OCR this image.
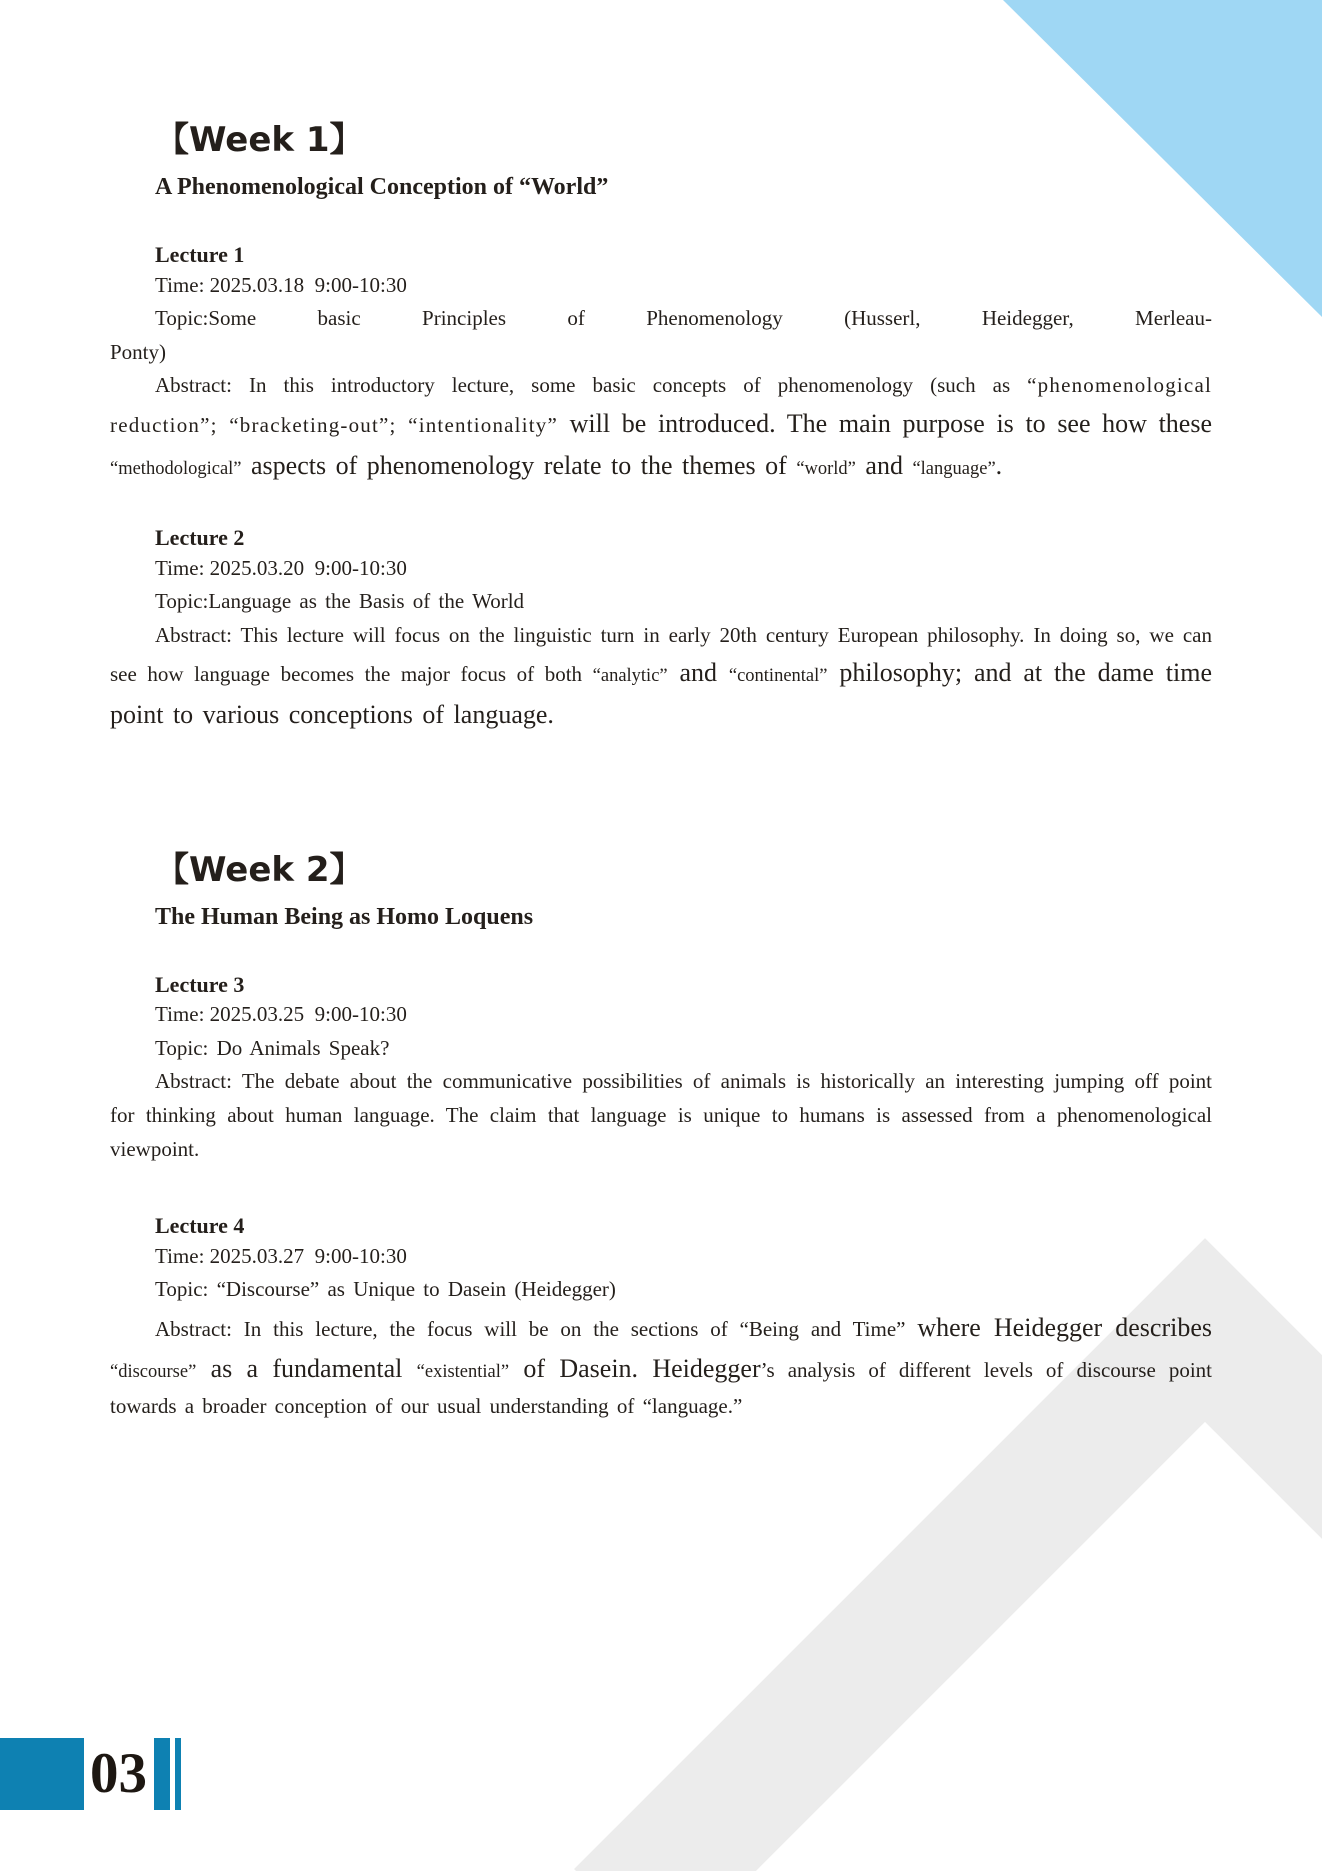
【Week 1】
A Phenomenological Conception of “World”
Lecture 1

Time: 2025.03.18  9:00-10:30

Topic:Some basic Principles of Phenomenology (Husserl, Heidegger, Merleau-
Ponty)

Abstract: In this introductory lecture, some basic concepts of phenomenology (such as “phenomenological reduction”; “bracketing-out”; “intentionality” will be introduced. The main purpose is to see how these “methodological” aspects of phenomenology relate to the themes of “world” and “language”.

Lecture 2

Time: 2025.03.20  9:00-10:30

Topic:Language as the Basis of the World

Abstract: This lecture will focus on the linguistic turn in early 20th century European philosophy. In doing so, we can see how language becomes the major focus of both “analytic” and “continental” philosophy; and at the dame time point to various conceptions of language.

【Week 2】
The Human Being as Homo Loquens
Lecture 3

Time: 2025.03.25  9:00-10:30

Topic: Do Animals Speak?

Abstract: The debate about the communicative possibilities of animals is historically an interesting jumping off point for thinking about human language. The claim that language is unique to humans is assessed from a phenomenological viewpoint.

Lecture 4

Time: 2025.03.27  9:00-10:30

Topic: “Discourse” as Unique to Dasein (Heidegger)

Abstract: In this lecture, the focus will be on the sections of “Being and Time” where Heidegger describes “discourse” as a fundamental “existential” of Dasein. Heidegger’s analysis of different levels of discourse point towards a broader conception of our usual understanding of “language.”

03
